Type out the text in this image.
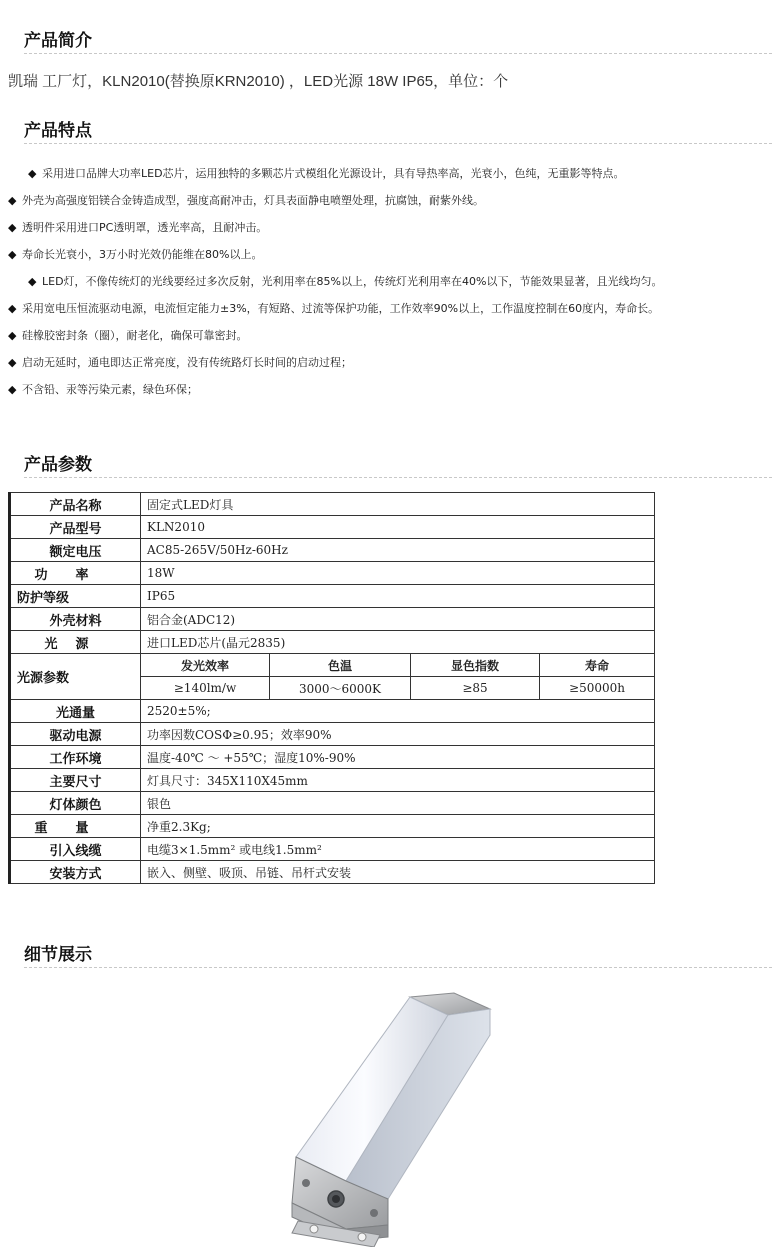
产品简介
凯瑞 工厂灯，KLN2010(替换原KRN2010) ，LED光源 18W IP65，单位：个
产品特点
◆ 采用进口品牌大功率LED芯片，运用独特的多颗芯片式模组化光源设计，具有导热率高，光衰小，色纯，无重影等特点。
◆ 外壳为高强度铝镁合金铸造成型，强度高耐冲击，灯具表面静电喷塑处理，抗腐蚀，耐紫外线。
◆ 透明件采用进口PC透明罩，透光率高，且耐冲击。
◆ 寿命长光衰小，3万小时光效仍能维在80%以上。
◆ LED灯，不像传统灯的光线要经过多次反射，光利用率在85%以上，传统灯光利用率在40%以下，节能效果显著，且光线均匀。
◆ 采用宽电压恒流驱动电源，电流恒定能力±3%，有短路、过流等保护功能，工作效率90%以上，工作温度控制在60度内，寿命长。
◆ 硅橡胶密封条（圈），耐老化，确保可靠密封。
◆ 启动无延时，通电即达正常亮度，没有传统路灯长时间的启动过程；
◆ 不含铅、汞等污染元素，绿色环保；
产品参数
产品名称	固定式LED灯具			
产品型号	KLN2010			
额定电压	AC85-265V/50Hz-60Hz			
功率	18W			
防护等级	IP65			
外壳材料	铝合金(ADC12)			
光源	进口LED芯片(晶元2835)			
光源参数	发光效率	色温	显色指数	寿命
	≥140lm/w	3000～6000K	≥85	≥50000h
光通量	2520±5%;			
驱动电源	功率因数COSΦ≥0.95；效率90%			
工作环境	温度-40℃ ～ +55℃；湿度10%-90%			
主要尺寸	灯具尺寸：345X110X45mm			
灯体颜色	银色			
重量	净重2.3Kg;			
引入线缆	电缆3×1.5mm² 或电线1.5mm²			
安装方式	嵌入、侧壁、吸顶、吊链、吊杆式安装			
细节展示
